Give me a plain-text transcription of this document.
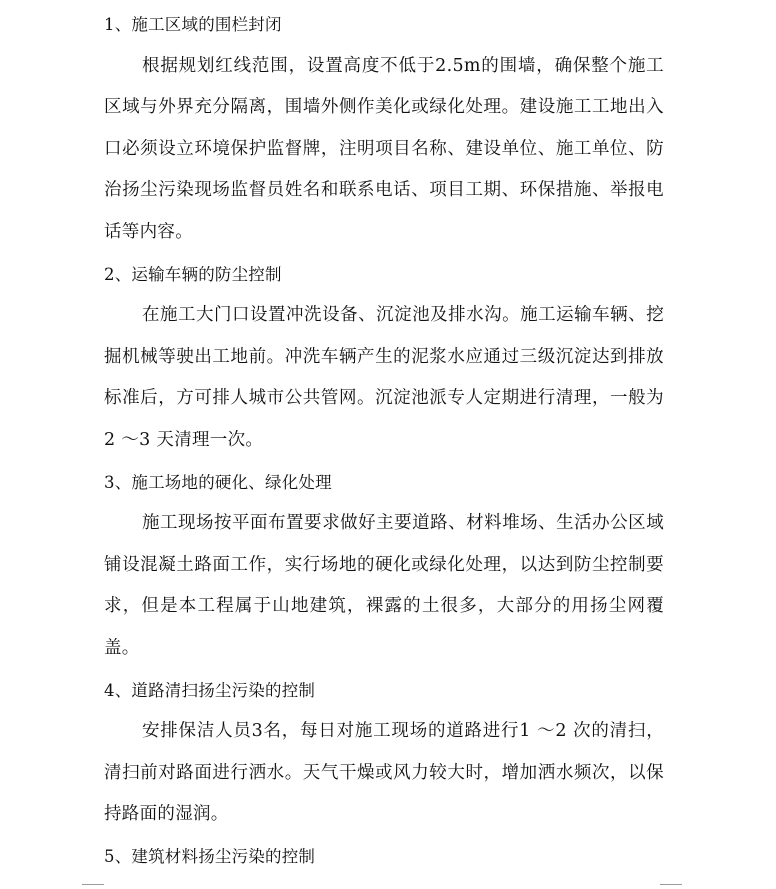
1、施工区域的围栏封闭

根据规划红线范围，设置高度不低于2.5m的围墙，确保整个施工区域与外界充分隔离，围墙外侧作美化或绿化处理。建设施工工地出入口必须设立环境保护监督牌，注明项目名称、建设单位、施工单位、防治扬尘污染现场监督员姓名和联系电话、项目工期、环保措施、举报电话等内容。

2、运输车辆的防尘控制

在施工大门口设置冲洗设备、沉淀池及排水沟。施工运输车辆、挖掘机械等驶出工地前。冲洗车辆产生的泥浆水应通过三级沉淀达到排放标准后，方可排人城市公共管网。沉淀池派专人定期进行清理，一般为2 ～3 天清理一次。

3、施工场地的硬化、绿化处理

施工现场按平面布置要求做好主要道路、材料堆场、生活办公区域铺设混凝土路面工作，实行场地的硬化或绿化处理，以达到防尘控制要求，但是本工程属于山地建筑，裸露的土很多，大部分的用扬尘网覆盖。

4、道路清扫扬尘污染的控制

安排保洁人员3名，每日对施工现场的道路进行1 ～2 次的清扫，清扫前对路面进行洒水。天气干燥或风力较大时，增加洒水频次，以保持路面的湿润。

5、建筑材料扬尘污染的控制
